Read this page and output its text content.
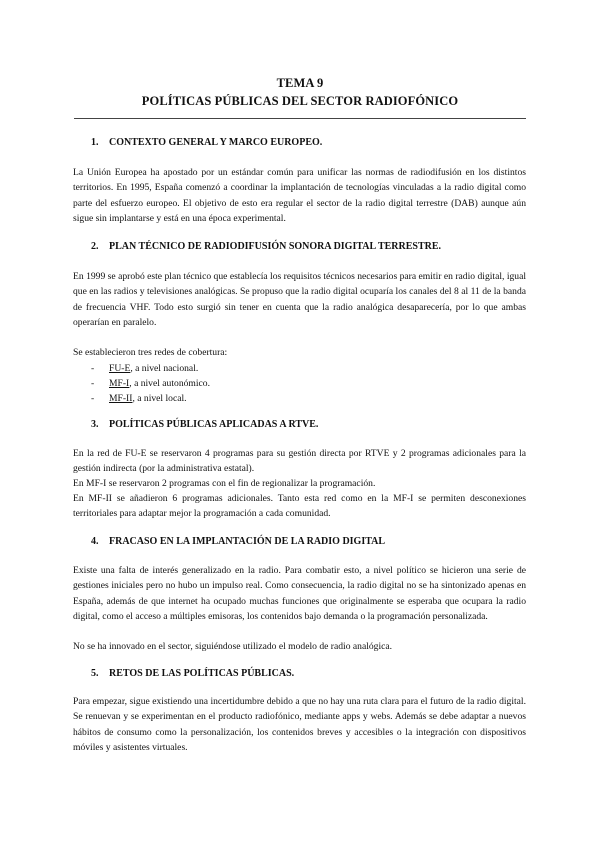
TEMA 9
POLÍTICAS PÚBLICAS DEL SECTOR RADIOFÓNICO
1. CONTEXTO GENERAL Y MARCO EUROPEO.
La Unión Europea ha apostado por un estándar común para unificar las normas de radiodifusión en los distintos territorios. En 1995, España comenzó a coordinar la implantación de tecnologías vinculadas a la radio digital como parte del esfuerzo europeo. El objetivo de esto era regular el sector de la radio digital terrestre (DAB) aunque aún sigue sin implantarse y está en una época experimental.
2. PLAN TÉCNICO DE RADIODIFUSIÓN SONORA DIGITAL TERRESTRE.
En 1999 se aprobó este plan técnico que establecía los requisitos técnicos necesarios para emitir en radio digital, igual que en las radios y televisiones analógicas. Se propuso que la radio digital ocuparía los canales del 8 al 11 de la banda de frecuencia VHF. Todo esto surgió sin tener en cuenta que la radio analógica desaparecería, por lo que ambas operarían en paralelo.
Se establecieron tres redes de cobertura:
- FU-E, a nivel nacional.
- MF-I, a nivel autonómico.
- MF-II, a nivel local.
3. POLÍTICAS PÚBLICAS APLICADAS A RTVE.
En la red de FU-E se reservaron 4 programas para su gestión directa por RTVE y 2 programas adicionales para la gestión indirecta (por la administrativa estatal).
En MF-I se reservaron 2 programas con el fin de regionalizar la programación.
En MF-II se añadieron 6 programas adicionales. Tanto esta red como en la MF-I se permiten desconexiones territoriales para adaptar mejor la programación a cada comunidad.
4. FRACASO EN LA IMPLANTACIÓN DE LA RADIO DIGITAL
Existe una falta de interés generalizado en la radio. Para combatir esto, a nivel político se hicieron una serie de gestiones iniciales pero no hubo un impulso real. Como consecuencia, la radio digital no se ha sintonizado apenas en España, además de que internet ha ocupado muchas funciones que originalmente se esperaba que ocupara la radio digital, como el acceso a múltiples emisoras, los contenidos bajo demanda o la programación personalizada.
No se ha innovado en el sector, siguiéndose utilizado el modelo de radio analógica.
5. RETOS DE LAS POLÍTICAS PÚBLICAS.
Para empezar, sigue existiendo una incertidumbre debido a que no hay una ruta clara para el futuro de la radio digital. Se renuevan y se experimentan en el producto radiofónico, mediante apps y webs. Además se debe adaptar a nuevos hábitos de consumo como la personalización, los contenidos breves y accesibles o la integración con dispositivos móviles y asistentes virtuales.
